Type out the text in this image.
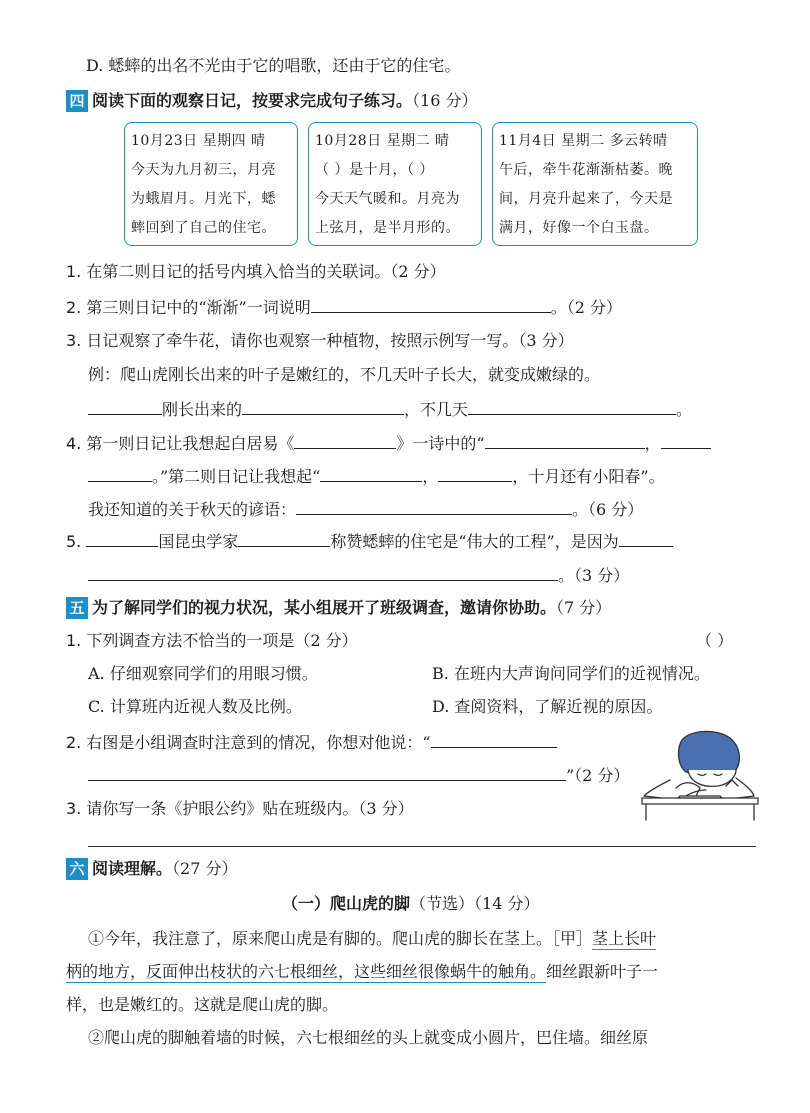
D. 蟋蟀的出名不光由于它的唱歌，还由于它的住宅。
四 阅读下面的观察日记，按要求完成句子练习。（16 分）
10月23日 星期四 晴
今天为九月初三，月亮
为蛾眉月。月光下，蟋
蟀回到了自己的住宅。
10月28日 星期二 晴
（ ）是十月，（ ）
今天天气暖和。月亮为
上弦月，是半月形的。
11月4日 星期二 多云转晴
午后，牵牛花渐渐枯萎。晚
间，月亮升起来了，今天是
满月，好像一个白玉盘。
1. 在第二则日记的括号内填入恰当的关联词。（2 分）
2. 第三则日记中的“渐渐”一词说明	。（2 分）
3. 日记观察了牵牛花，请你也观察一种植物，按照示例写一写。（3 分）
例：爬山虎刚长出来的叶子是嫩红的，不几天叶子长大，就变成嫩绿的。
刚长出来的	，不几天	。
4. 第一则日记让我想起白居易《	》一诗中的“	，
。”第二则日记让我想起“	，	，十月还有小阳春”。
我还知道的关于秋天的谚语：	。（6 分）
5.	国昆虫学家	称赞蟋蟀的住宅是“伟大的工程”，是因为
。（3 分）
五 为了解同学们的视力状况，某小组展开了班级调查，邀请你协助。（7 分）
1. 下列调查方法不恰当的一项是（2 分）	（ ）
A. 仔细观察同学们的用眼习惯。	B. 在班内大声询问同学们的近视情况。
C. 计算班内近视人数及比例。	D. 查阅资料，了解近视的原因。
2. 右图是小组调查时注意到的情况，你想对他说：“
”（2 分）
3. 请你写一条《护眼公约》贴在班级内。（3 分）
六 阅读理解。（27 分）
（一）爬山虎的脚（节选）（14 分）
①今年，我注意了，原来爬山虎是有脚的。爬山虎的脚长在茎上。［甲］茎上长叶
柄的地方，反面伸出枝状的六七根细丝，这些细丝很像蜗牛的触角。细丝跟新叶子一
样，也是嫩红的。这就是爬山虎的脚。
②爬山虎的脚触着墙的时候，六七根细丝的头上就变成小圆片，巴住墙。细丝原
